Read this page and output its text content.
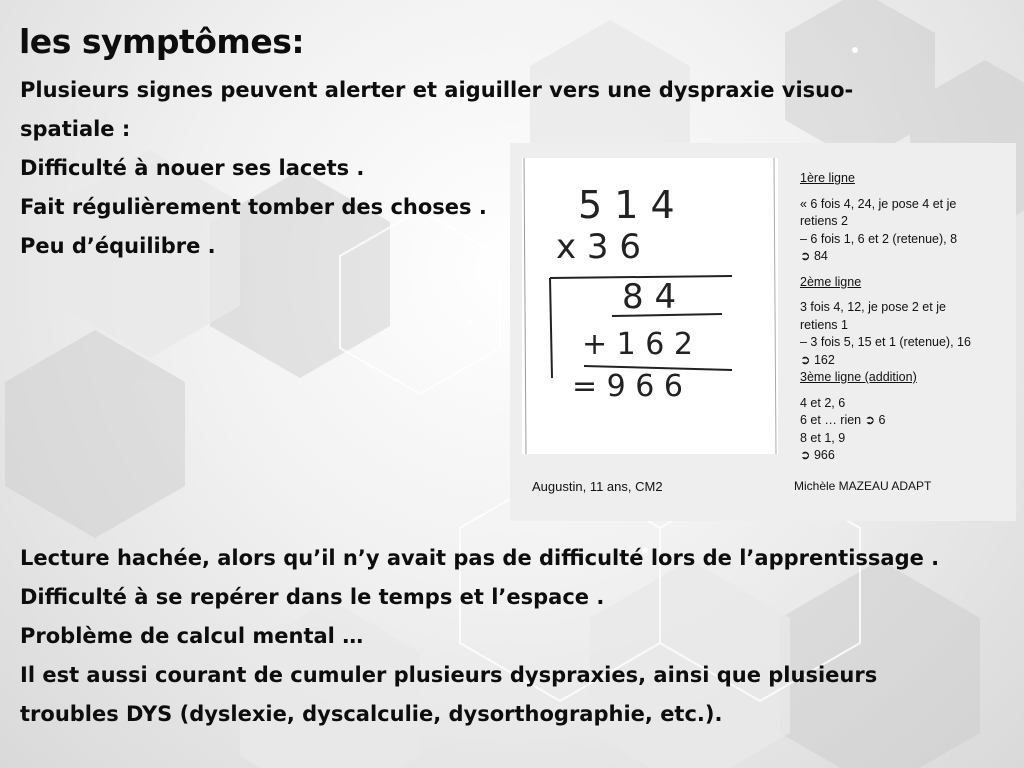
les symptômes:

Plusieurs signes peuvent alerter et aiguiller vers une dyspraxie visuo-

spatiale :

Difficulté à nouer ses lacets .

Fait régulièrement tomber des choses .

Peu d’équilibre .

5 1 4
x 3 6
8 4
+ 1 6 2
= 9 6 6
1ère ligne
« 6 fois 4, 24, je pose 4 et je
retiens 2
– 6 fois 1, 6 et 2 (retenue), 8
➲ 84
2ème ligne
3 fois 4, 12, je pose 2 et je
retiens 1
– 3 fois 5, 15 et 1 (retenue), 16
➲ 162
3ème ligne (addition)
4 et 2, 6
6 et … rien ➲ 6
8 et 1, 9
➲ 966
Augustin, 11 ans, CM2	Michèle MAZEAU ADAPT

Lecture hachée, alors qu’il n’y avait pas de difficulté lors de l’apprentissage .

Difficulté à se repérer dans le temps et l’espace .

Problème de calcul mental …

Il est aussi courant de cumuler plusieurs dyspraxies, ainsi que plusieurs

troubles DYS (dyslexie, dyscalculie, dysorthographie, etc.).
